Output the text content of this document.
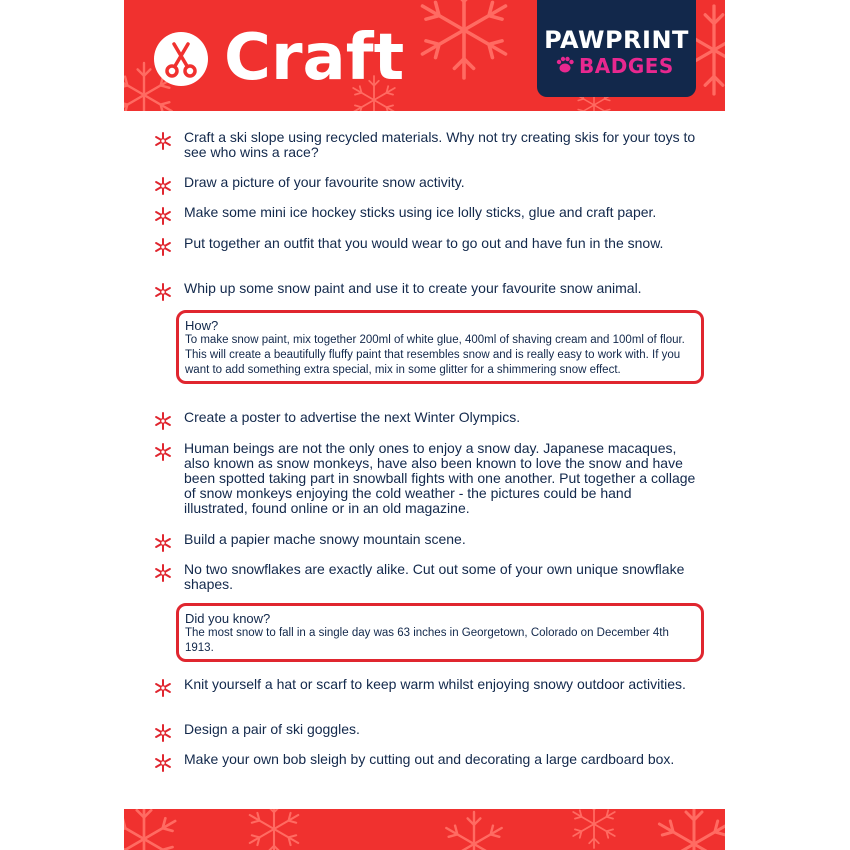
Craft	PAWPRINT
BADGES
Craft a ski slope using recycled materials. Why not try creating skis for your toys to see who wins a race?
Draw a picture of your favourite snow activity.
Make some mini ice hockey sticks using ice lolly sticks, glue and craft paper.
Put together an outfit that you would wear to go out and have fun in the snow.
Whip up some snow paint and use it to create your favourite snow animal.
How?
To make snow paint, mix together 200ml of white glue, 400ml of shaving cream and 100ml of flour. This will create a beautifully fluffy paint that resembles snow and is really easy to work with. If you want to add something extra special, mix in some glitter for a shimmering snow effect.
Create a poster to advertise the next Winter Olympics.
Human beings are not the only ones to enjoy a snow day. Japanese macaques, also known as snow monkeys, have also been known to love the snow and have been spotted taking part in snowball fights with one another. Put together a collage of snow monkeys enjoying the cold weather - the pictures could be hand illustrated, found online or in an old magazine.
Build a papier mache snowy mountain scene.
No two snowflakes are exactly alike. Cut out some of your own unique snowflake shapes.
Did you know?
The most snow to fall in a single day was 63 inches in Georgetown, Colorado on December 4th 1913.
Knit yourself a hat or scarf to keep warm whilst enjoying snowy outdoor activities.
Design a pair of ski goggles.
Make your own bob sleigh by cutting out and decorating a large cardboard box.
